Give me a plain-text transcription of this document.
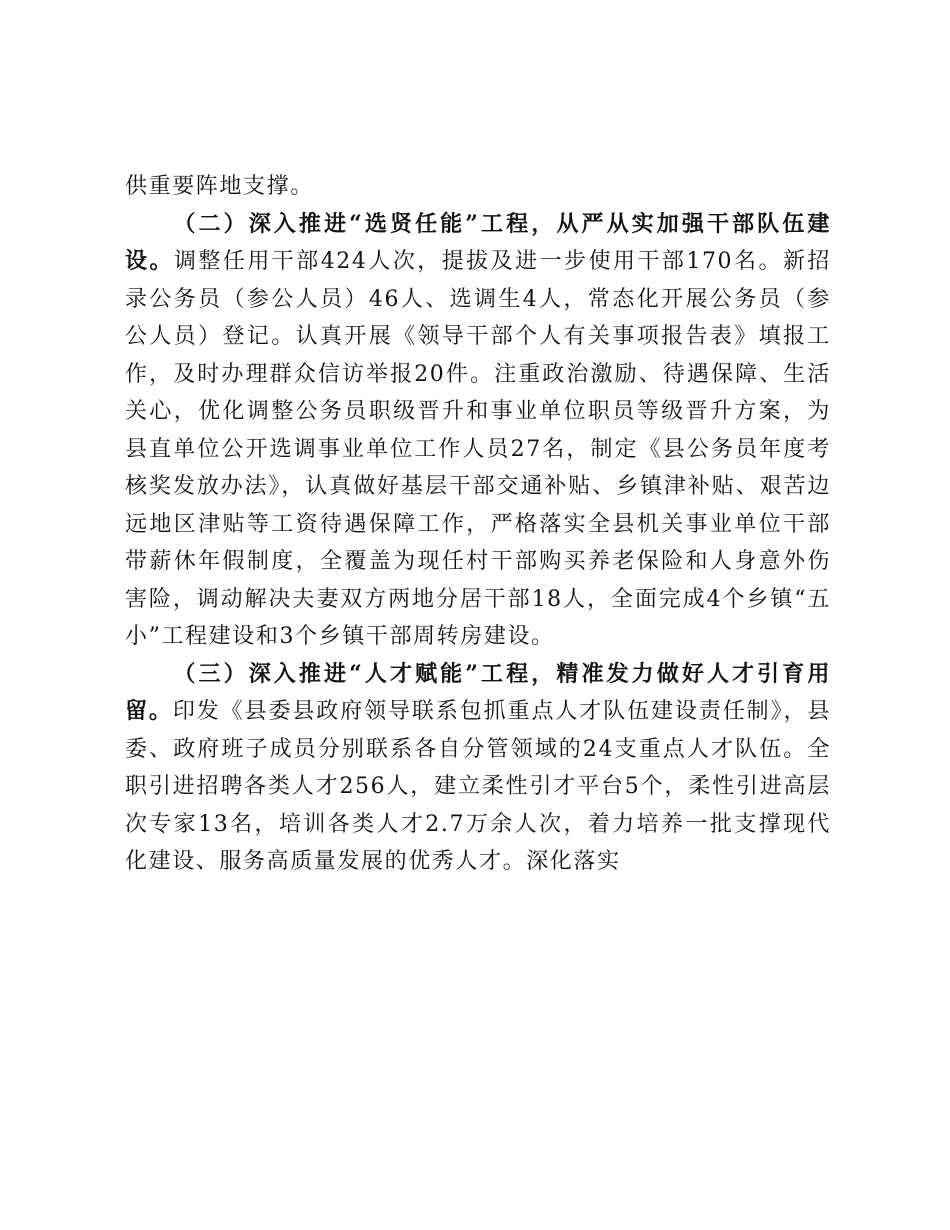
供重要阵地支撑。

（二）深入推进“选贤任能”工程，从严从实加强干部队伍建设。调整任用干部424人次，提拔及进一步使用干部170名。新招录公务员（参公人员）46人、选调生4人，常态化开展公务员（参公人员）登记。认真开展《领导干部个人有关事项报告表》填报工作，及时办理群众信访举报20件。注重政治激励、待遇保障、生活关心，优化调整公务员职级晋升和事业单位职员等级晋升方案，为县直单位公开选调事业单位工作人员27名，制定《县公务员年度考核奖发放办法》，认真做好基层干部交通补贴、乡镇津补贴、艰苦边远地区津贴等工资待遇保障工作，严格落实全县机关事业单位干部带薪休年假制度，全覆盖为现任村干部购买养老保险和人身意外伤害险，调动解决夫妻双方两地分居干部18人，全面完成4个乡镇“五小”工程建设和3个乡镇干部周转房建设。

（三）深入推进“人才赋能”工程，精准发力做好人才引育用留。印发《县委县政府领导联系包抓重点人才队伍建设责任制》，县委、政府班子成员分别联系各自分管领域的24支重点人才队伍。全职引进招聘各类人才256人，建立柔性引才平台5个，柔性引进高层次专家13名，培训各类人才2.7万余人次，着力培养一批支撑现代化建设、服务高质量发展的优秀人才。深化落实
